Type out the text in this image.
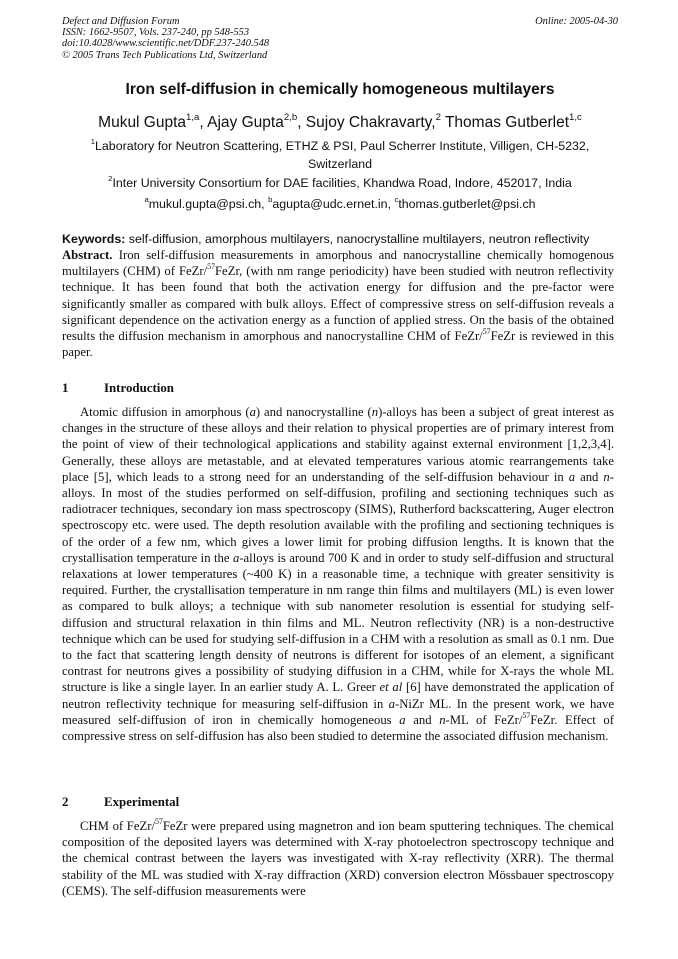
Defect and Diffusion Forum
ISSN: 1662-9507, Vols. 237-240, pp 548-553
doi:10.4028/www.scientific.net/DDF.237-240.548
© 2005 Trans Tech Publications Ltd, Switzerland
Online: 2005-04-30
Iron self-diffusion in chemically homogeneous multilayers
Mukul Gupta$^{1,a}$, Ajay Gupta$^{2,b}$, Sujoy Chakravarty,$^2$ Thomas Gutberlet$^{1,c}$
$^1$Laboratory for Neutron Scattering, ETHZ & PSI, Paul Scherrer Institute, Villigen, CH-5232,
Switzerland
$^2$Inter University Consortium for DAE facilities, Khandwa Road, Indore, 452017, India
$^a$mukul.gupta@psi.ch, $^b$agupta@udc.ernet.in, $^c$thomas.gutberlet@psi.ch
Keywords: self-diffusion, amorphous multilayers, nanocrystalline multilayers, neutron reflectivity
Abstract. Iron self-diffusion measurements in amorphous and nanocrystalline chemically homogenous multilayers (CHM) of FeZr/$^{57}$FeZr, (with nm range periodicity) have been studied with neutron reflectivity technique. It has been found that both the activation energy for diffusion and the pre-factor were significantly smaller as compared with bulk alloys. Effect of compressive stress on self-diffusion reveals a significant dependence on the activation energy as a function of applied stress. On the basis of the obtained results the diffusion mechanism in amorphous and nanocrystalline CHM of FeZr/$^{57}$FeZr is reviewed in this paper.
1	Introduction
Atomic diffusion in amorphous (a) and nanocrystalline (n)-alloys has been a subject of great interest as changes in the structure of these alloys and their relation to physical properties are of primary interest from the point of view of their technological applications and stability against external environment [1,2,3,4]. Generally, these alloys are metastable, and at elevated temperatures various atomic rearrangements take place [5], which leads to a strong need for an understanding of the self-diffusion behaviour in a and n-alloys. In most of the studies performed on self-diffusion, profiling and sectioning techniques such as radiotracer techniques, secondary ion mass spectroscopy (SIMS), Rutherford backscattering, Auger electron spectroscopy etc. were used. The depth resolution available with the profiling and sectioning techniques is of the order of a few nm, which gives a lower limit for probing diffusion lengths. It is known that the crystallisation temperature in the a-alloys is around 700 K and in order to study self-diffusion and structural relaxations at lower temperatures (~400 K) in a reasonable time, a technique with greater sensitivity is required. Further, the crystallisation temperature in nm range thin films and multilayers (ML) is even lower as compared to bulk alloys; a technique with sub nanometer resolution is essential for studying self-diffusion and structural relaxation in thin films and ML. Neutron reflectivity (NR) is a non-destructive technique which can be used for studying self-diffusion in a CHM with a resolution as small as 0.1 nm. Due to the fact that scattering length density of neutrons is different for isotopes of an element, a significant contrast for neutrons gives a possibility of studying diffusion in a CHM, while for X-rays the whole ML structure is like a single layer. In an earlier study A. L. Greer et al [6] have demonstrated the application of neutron reflectivity technique for measuring self-diffusion in a-NiZr ML. In the present work, we have measured self-diffusion of iron in chemically homogeneous a and n-ML of FeZr/$^{57}$FeZr. Effect of compressive stress on self-diffusion has also been studied to determine the associated diffusion mechanism.
2	Experimental
CHM of FeZr/$^{57}$FeZr were prepared using magnetron and ion beam sputtering techniques. The chemical composition of the deposited layers was determined with X-ray photoelectron spectroscopy technique and the chemical contrast between the layers was investigated with X-ray reflectivity (XRR). The thermal stability of the ML was studied with X-ray diffraction (XRD) conversion electron Mössbauer spectroscopy (CEMS). The self-diffusion measurements were
